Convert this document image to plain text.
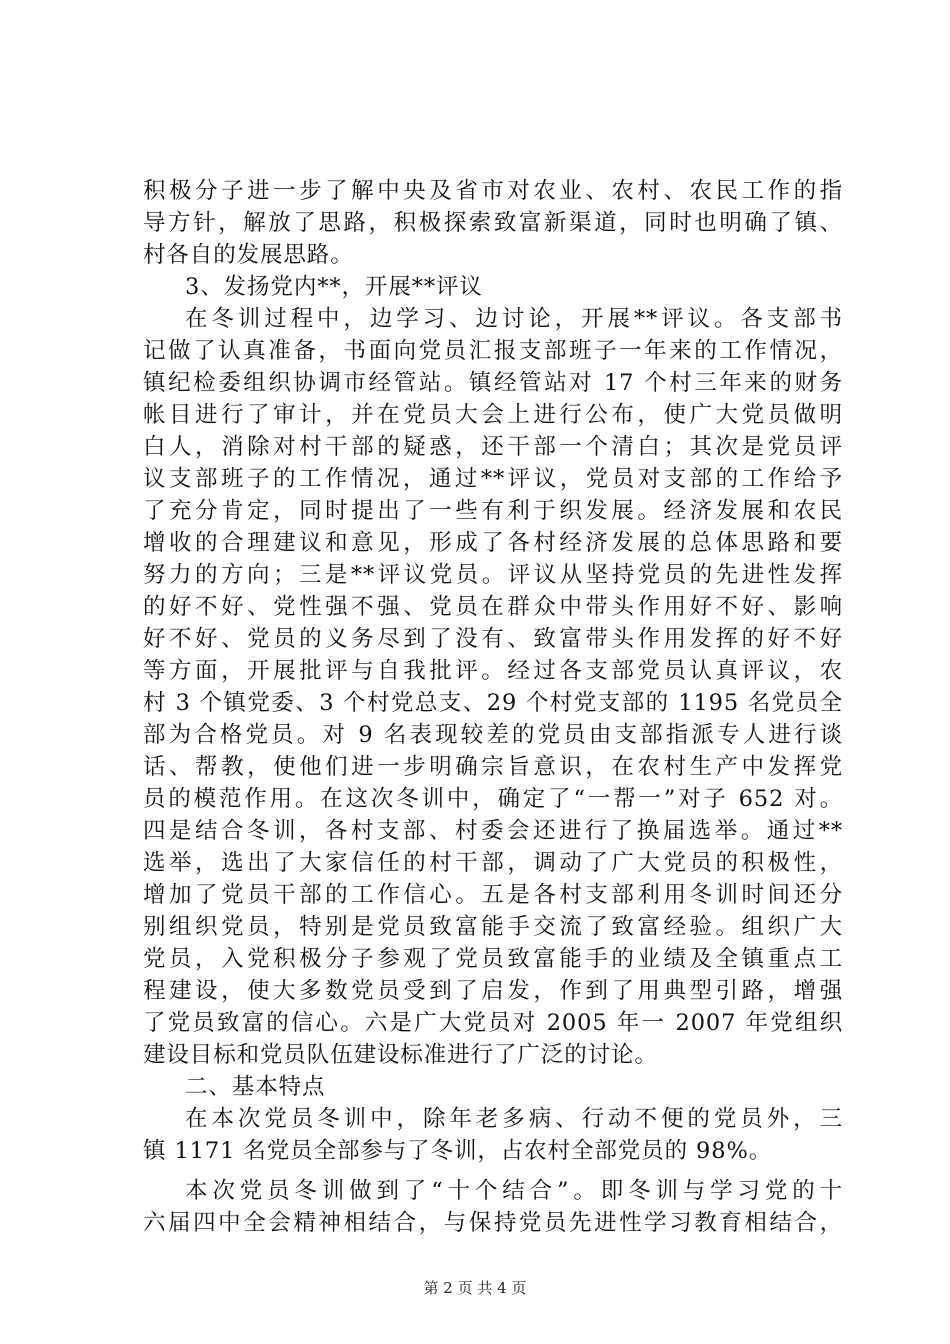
积极分子进一步了解中央及省市对农业、农村、农民工作的指
导方针，解放了思路，积极探索致富新渠道，同时也明确了镇、
村各自的发展思路。
3、发扬党内**，开展**评议
在冬训过程中，边学习、边讨论，开展**评议。各支部书
记做了认真准备，书面向党员汇报支部班子一年来的工作情况，
镇纪检委组织协调市经管站。镇经管站对 17 个村三年来的财务
帐目进行了审计，并在党员大会上进行公布，使广大党员做明
白人，消除对村干部的疑惑，还干部一个清白；其次是党员评
议支部班子的工作情况，通过**评议，党员对支部的工作给予
了充分肯定，同时提出了一些有利于织发展。经济发展和农民
增收的合理建议和意见，形成了各村经济发展的总体思路和要
努力的方向；三是**评议党员。评议从坚持党员的先进性发挥
的好不好、党性强不强、党员在群众中带头作用好不好、影响
好不好、党员的义务尽到了没有、致富带头作用发挥的好不好
等方面，开展批评与自我批评。经过各支部党员认真评议，农
村 3 个镇党委、3 个村党总支、29 个村党支部的 1195 名党员全
部为合格党员。对 9 名表现较差的党员由支部指派专人进行谈
话、帮教，使他们进一步明确宗旨意识，在农村生产中发挥党
员的模范作用。在这次冬训中，确定了“一帮一”对子 652 对。
四是结合冬训，各村支部、村委会还进行了换届选举。通过**
选举，选出了大家信任的村干部，调动了广大党员的积极性，
增加了党员干部的工作信心。五是各村支部利用冬训时间还分
别组织党员，特别是党员致富能手交流了致富经验。组织广大
党员，入党积极分子参观了党员致富能手的业绩及全镇重点工
程建设，使大多数党员受到了启发，作到了用典型引路，增强
了党员致富的信心。六是广大党员对 2005 年一 2007 年党组织
建设目标和党员队伍建设标准进行了广泛的讨论。
二、基本特点
在本次党员冬训中，除年老多病、行动不便的党员外，三
镇 1171 名党员全部参与了冬训，占农村全部党员的 98%。
本次党员冬训做到了“十个结合”。即冬训与学习党的十
六届四中全会精神相结合，与保持党员先进性学习教育相结合，
第 2 页 共 4 页
